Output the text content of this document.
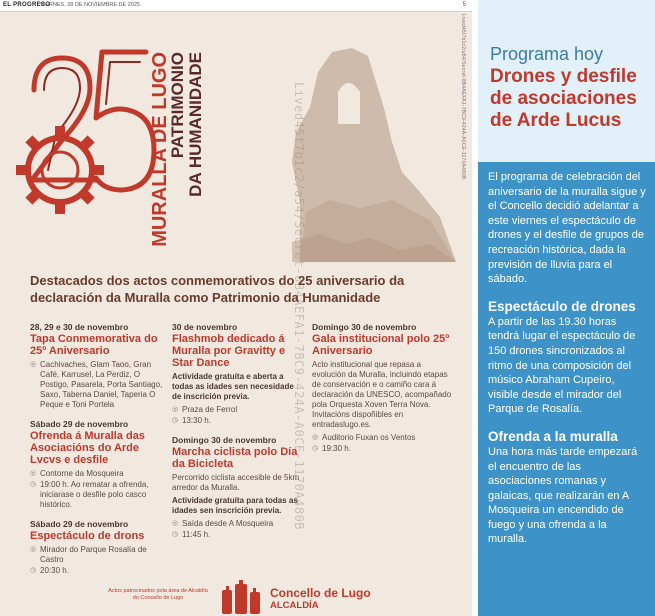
EL PROGRESO
VIERNES, 28 DE NOVIEMBRE DE 2025	5
MURALLA DE LUGO
PATRIMONIO DA HUMANIDADE	Lived45f7b1c2/a54/Secret-8B4AEFA1-7BC9-424A-A0CE-1170A480B
Destacados dos actos conmemorativos do 25 aniversario da declaración da Muralla como Patrimonio da Humanidade
28, 29 e 30 de novembro
Tapa Conmemorativa do 25º Aniversario
◎ Cachivaches, Glam Taoo, Gran Café, Karrusel, La Perdiz, O Postigo, Pasarela, Porta Santiago, Saxo, Taberna Daniel, Taperia O Peque e Toni Portela
Sábado 29 de novembro
Ofrenda á Muralla das Asociacións do Arde Lvcvs e desfile
◎ Contorne da Mosqueira
◷ 19:00 h. Ao rematar a ofrenda, iniciarase o desfile polo casco histórico.
Sábado 29 de novembro
Espectáculo de drons
◎ Mirador do Parque Rosalía de Castro
◷ 20:30 h.
30 de novembro
Flashmob dedicado á Muralla por Gravitty e Star Dance
Actividade gratuíta e aberta a todas as idades sen necesidade de inscrición previa.
◎ Praza de Ferrol
◷ 13:30 h.
Domingo 30 de novembro
Marcha ciclista polo Día da Bicicleta
Percorrido ciclista accesible de 5km arredor da Muralla.
Actividade gratuíta para todas as idades sen inscrición previa.
◎ Saída desde A Mosqueira
◷ 11:45 h.
Domingo 30 de novembro
Gala institucional polo 25º Aniversario
Acto institucional que repasa a evolución da Muralla, incluindo etapas de conservación e o camiño cara á declaración da UNESCO, acompañado pola Orquesta Xoven Terra Nova. Invitacións dispoñibles en entradaslugo.es.
◎ Auditorio Fuxan os Ventos
◷ 19:30 h.
Actos patrocinados pola área de Alcaldía do Concello de Lugo	Concello de Lugo
ALCALDÍA
Lived45f7b1c2/a54/Secret-8B4AEFA1-7BC9-424A-A0CE-1170A480B Programa hoy
Drones y desfile de asociaciones de Arde Lucus

El programa de celebración del aniversario de la muralla sigue y el Concello decidió adelantar a este viernes el espectáculo de drones y el desfile de grupos de recreación histórica, dada la previsión de lluvia para el sábado.

Espectáculo de drones

A partir de las 19.30 horas tendrá lugar el espectáculo de 150 drones sincronizados al ritmo de una composición del músico Abraham Cupeiro, visible desde el mirador del Parque de Rosalía.

Ofrenda a la muralla

Una hora más tarde empezará el encuentro de las asociaciones romanas y galaicas, que realizarán en A Mosqueira un encendido de fuego y una ofrenda a la muralla.
